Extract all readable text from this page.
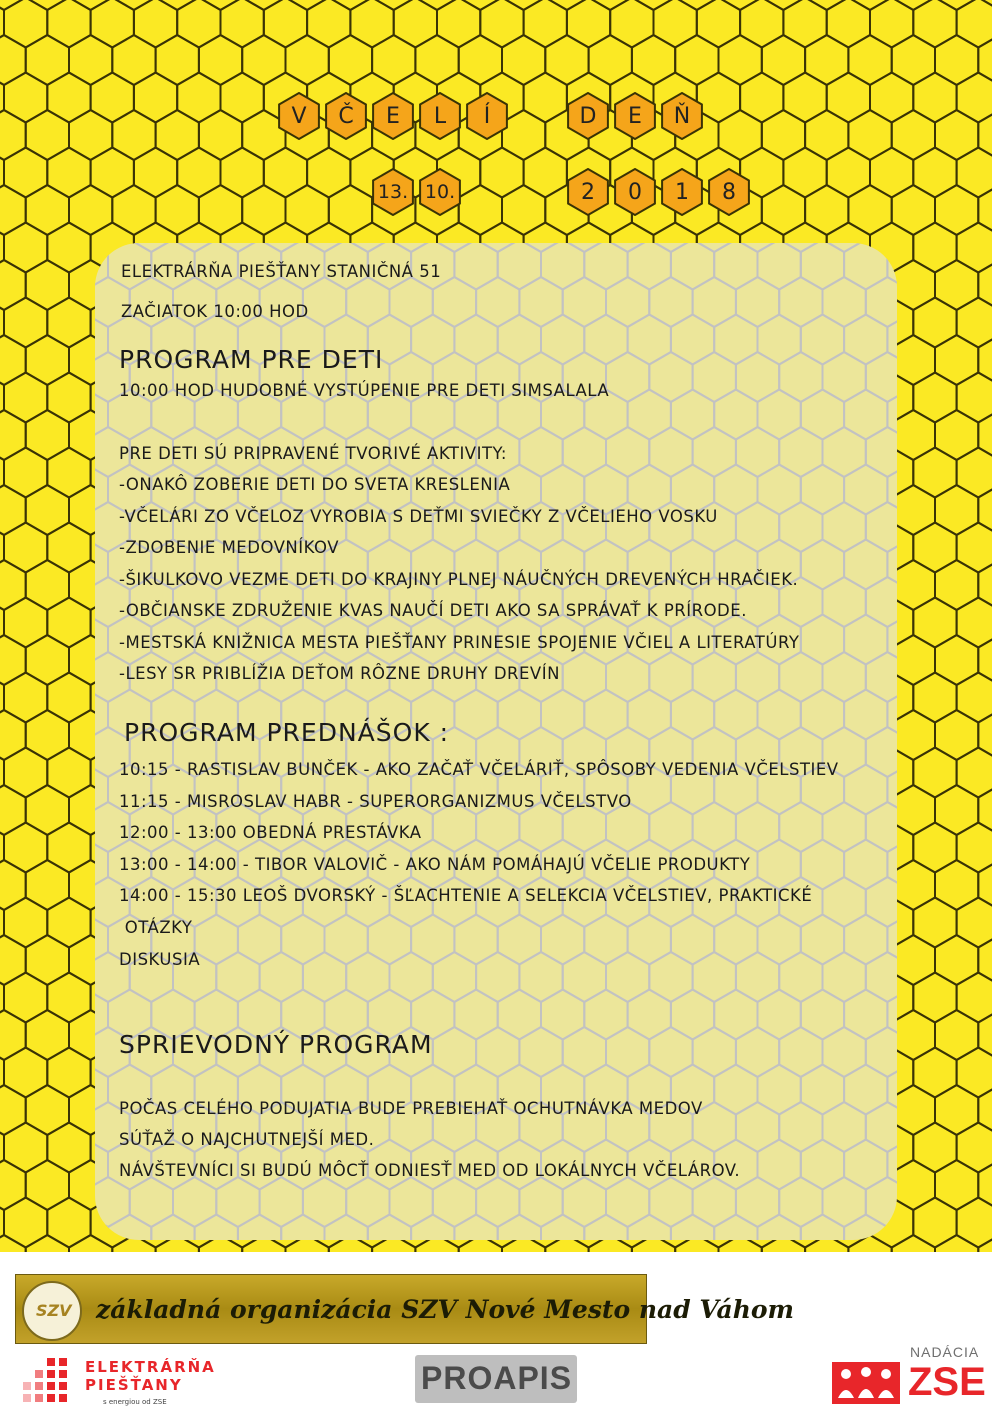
V Č E L Í	D E Ň
13. 10.	2 0 1 8
ELEKTRÁRŇA PIEŠŤANY STANIČNÁ 51
ZAČIATOK 10:00 HOD
PROGRAM PRE DETI
10:00 HOD HUDOBNÉ VYSTÚPENIE PRE DETI SIMSALALA
PRE DETI SÚ PRIPRAVENÉ TVORIVÉ AKTIVITY:
-ONAKÔ ZOBERIE DETI DO SVETA KRESLENIA
-VČELÁRI ZO VČELOZ VYROBIA S DEŤMI SVIEČKY Z VČELIEHO VOSKU
-ZDOBENIE MEDOVNÍKOV
-ŠIKULKOVO VEZME DETI DO KRAJINY PLNEJ NÁUČNÝCH DREVENÝCH HRAČIEK.
-OBČIANSKE ZDRUŽENIE KVAS NAUČÍ DETI AKO SA SPRÁVAŤ K PRÍRODE.
-MESTSKÁ KNIŽNICA MESTA PIEŠŤANY PRINESIE SPOJENIE VČIEL A LITERATÚRY
-LESY SR PRIBLÍŽIA DEŤOM RÔZNE DRUHY DREVÍN
PROGRAM PREDNÁŠOK :
10:15 - RASTISLAV BUNČEK - AKO ZAČAŤ VČELÁRIŤ, SPÔSOBY VEDENIA VČELSTIEV
11:15 - MISROSLAV HABR - SUPERORGANIZMUS VČELSTVO
12:00 - 13:00 OBEDNÁ PRESTÁVKA
13:00 - 14:00 - TIBOR VALOVIČ - AKO NÁM POMÁHAJÚ VČELIE PRODUKTY
14:00 - 15:30 LEOŠ DVORSKÝ - ŠĽACHTENIE A SELEKCIA VČELSTIEV, PRAKTICKÉ
OTÁZKY
DISKUSIA
SPRIEVODNÝ PROGRAM
POČAS CELÉHO PODUJATIA BUDE PREBIEHAŤ OCHUTNÁVKA MEDOV
SÚŤAŽ O NAJCHUTNEJŠÍ MED.
NÁVŠTEVNÍCI SI BUDÚ MÔCŤ ODNIESŤ MED OD LOKÁLNYCH VČELÁROV.
SZV základná organizácia SZV Nové Mesto nad Váhom
ELEKTRÁRŇA
PIEŠŤANY
s energiou od ZSE
PROAPIS
NADÁCIA
ZSE
